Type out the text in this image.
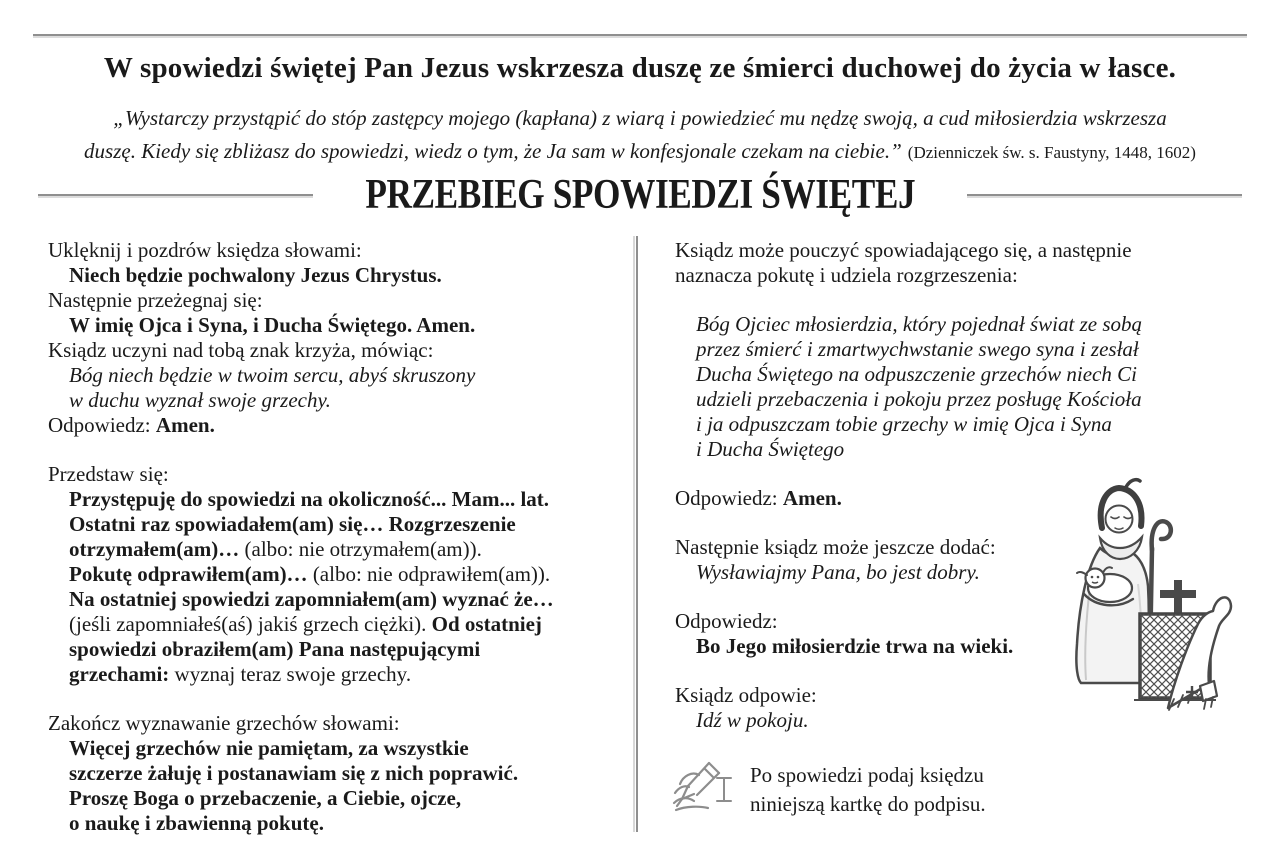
W spowiedzi świętej Pan Jezus wskrzesza duszę ze śmierci duchowej do życia w łasce.
„Wystarczy przystąpić do stóp zastępcy mojego (kapłana) z wiarą i powiedzieć mu nędzę swoją, a cud miłosierdzia wskrzesza
duszę. Kiedy się zbliżasz do spowiedzi, wiedz o tym, że Ja sam w konfesjonale czekam na ciebie.” (Dzienniczek św. s. Faustyny, 1448, 1602)
PRZEBIEG SPOWIEDZI ŚWIĘTEJ
Uklęknij i pozdrów księdza słowami:
Niech będzie pochwalony Jezus Chrystus.
Następnie przeżegnaj się:
W imię Ojca i Syna, i Ducha Świętego. Amen.
Ksiądz uczyni nad tobą znak krzyża, mówiąc:
Bóg niech będzie w twoim sercu, abyś skruszony
w duchu wyznał swoje grzechy.
Odpowiedz: Amen.
Przedstaw się:
Przystępuję do spowiedzi na okoliczność... Mam... lat.
Ostatni raz spowiadałem(am) się… Rozgrzeszenie
otrzymałem(am)… (albo: nie otrzymałem(am)).
Pokutę odprawiłem(am)… (albo: nie odprawiłem(am)).
Na ostatniej spowiedzi zapomniałem(am) wyznać że…
(jeśli zapomniałeś(aś) jakiś grzech ciężki). Od ostatniej
spowiedzi obraziłem(am) Pana następującymi
grzechami: wyznaj teraz swoje grzechy.
Zakończ wyznawanie grzechów słowami:
Więcej grzechów nie pamiętam, za wszystkie
szczerze żałuję i postanawiam się z nich poprawić.
Proszę Boga o przebaczenie, a Ciebie, ojcze,
o naukę i zbawienną pokutę.
Ksiądz może pouczyć spowiadającego się, a następnie
naznacza pokutę i udziela rozgrzeszenia:
Bóg Ojciec młosierdzia, który pojednał świat ze sobą
przez śmierć i zmartwychwstanie swego syna i zesłał
Ducha Świętego na odpuszczenie grzechów niech Ci
udzieli przebaczenia i pokoju przez posługę Kościoła
i ja odpuszczam tobie grzechy w imię Ojca i Syna
i Ducha Świętego
Odpowiedz: Amen.
Następnie ksiądz może jeszcze dodać:
Wysławiajmy Pana, bo jest dobry.
Odpowiedz:
Bo Jego miłosierdzie trwa na wieki.
Ksiądz odpowie:
Idź w pokoju.
Po spowiedzi podaj księdzu
niniejszą kartkę do podpisu.
